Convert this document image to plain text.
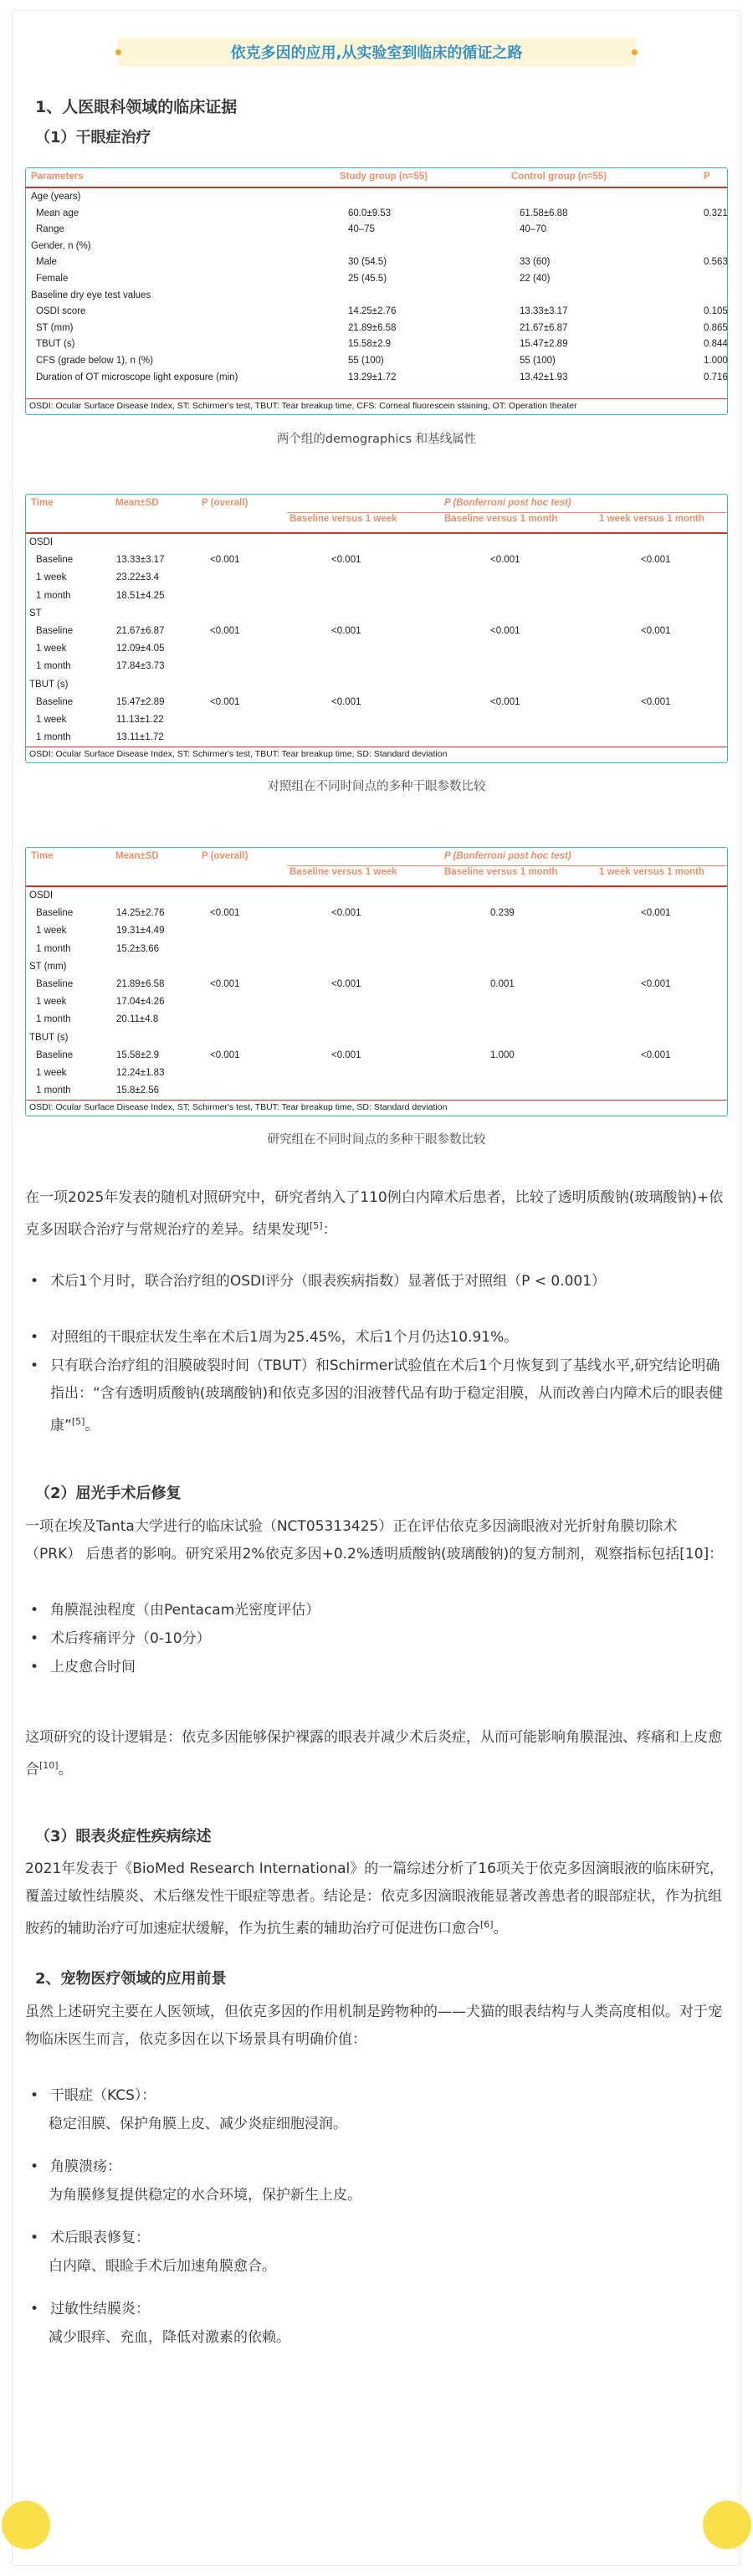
依克多因的应用,从实验室到临床的循证之路
1、人医眼科领域的临床证据
（1）干眼症治疗
Parameters	Study group (n=55)	Control group (n=55)	P
Age (years)
Mean age	60.0±9.53	61.58±6.88	0.321
Range	40–75	40–70
Gender, n (%)
Male	30 (54.5)	33 (60)	0.563
Female	25 (45.5)	22 (40)
Baseline dry eye test values
OSDI score	14.25±2.76	13.33±3.17	0.105
ST (mm)	21.89±6.58	21.67±6.87	0.865
TBUT (s)	15.58±2.9	15.47±2.89	0.844
CFS (grade below 1), n (%)	55 (100)	55 (100)	1.000
Duration of OT microscope light exposure (min)	13.29±1.72	13.42±1.93	0.716
OSDI: Ocular Surface Disease Index, ST: Schirmer's test, TBUT: Tear breakup time, CFS: Corneal fluorescein staining, OT: Operation theater
两个组的demographics 和基线属性
Time	Mean±SD	P (overall)	P (Bonferroni post hoc test)
Baseline versus 1 week	Baseline versus 1 month	1 week versus 1 month
OSDI
Baseline	13.33±3.17	<0.001	<0.001	<0.001	<0.001
1 week	23.22±3.4
1 month	18.51±4.25
ST
Baseline	21.67±6.87	<0.001	<0.001	<0.001	<0.001
1 week	12.09±4.05
1 month	17.84±3.73
TBUT (s)
Baseline	15.47±2.89	<0.001	<0.001	<0.001	<0.001
1 week	11.13±1.22
1 month	13.11±1.72
OSDI: Ocular Surface Disease Index, ST: Schirmer's test, TBUT: Tear breakup time, SD: Standard deviation
对照组在不同时间点的多种干眼参数比较
Time	Mean±SD	P (overall)	P (Bonferroni post hoc test)
Baseline versus 1 week	Baseline versus 1 month	1 week versus 1 month
OSDI
Baseline	14.25±2.76	<0.001	<0.001	0.239	<0.001
1 week	19.31±4.49
1 month	15.2±3.66
ST (mm)
Baseline	21.89±6.58	<0.001	<0.001	0.001	<0.001
1 week	17.04±4.26
1 month	20.11±4.8
TBUT (s)
Baseline	15.58±2.9	<0.001	<0.001	1.000	<0.001
1 week	12.24±1.83
1 month	15.8±2.56
OSDI: Ocular Surface Disease Index, ST: Schirmer's test, TBUT: Tear breakup time, SD: Standard deviation
研究组在不同时间点的多种干眼参数比较
在一项2025年发表的随机对照研究中，研究者纳入了110例白内障术后患者，比较了透明质酸钠(玻璃酸钠)+依克多因联合治疗与常规治疗的差异。结果发现[5]：
• 术后1个月时，联合治疗组的OSDI评分（眼表疾病指数）显著低于对照组（P < 0.001）
• 对照组的干眼症状发生率在术后1周为25.45%，术后1个月仍达10.91%。
• 只有联合治疗组的泪膜破裂时间（TBUT）和Schirmer试验值在术后1个月恢复到了基线水平,研究结论明确指出：“含有透明质酸钠(玻璃酸钠)和依克多因的泪液替代品有助于稳定泪膜，从而改善白内障术后的眼表健康”[5]。
（2）屈光手术后修复
一项在埃及Tanta大学进行的临床试验（NCT05313425）正在评估依克多因滴眼液对光折射角膜切除术（PRK） 后患者的影响。研究采用2%依克多因+0.2%透明质酸钠(玻璃酸钠)的复方制剂，观察指标包括[10]：
• 角膜混浊程度（由Pentacam光密度评估）
• 术后疼痛评分（0-10分）
• 上皮愈合时间
这项研究的设计逻辑是：依克多因能够保护裸露的眼表并减少术后炎症，从而可能影响角膜混浊、疼痛和上皮愈合[10]。
（3）眼表炎症性疾病综述
2021年发表于《BioMed Research International》的一篇综述分析了16项关于依克多因滴眼液的临床研究，覆盖过敏性结膜炎、术后继发性干眼症等患者。结论是：依克多因滴眼液能显著改善患者的眼部症状，作为抗组胺药的辅助治疗可加速症状缓解，作为抗生素的辅助治疗可促进伤口愈合[6]。
2、宠物医疗领域的应用前景
虽然上述研究主要在人医领域，但依克多因的作用机制是跨物种的——犬猫的眼表结构与人类高度相似。对于宠物临床医生而言，依克多因在以下场景具有明确价值：
• 干眼症（KCS）：
稳定泪膜、保护角膜上皮、减少炎症细胞浸润。
• 角膜溃疡：
为角膜修复提供稳定的水合环境，保护新生上皮。
• 术后眼表修复：
白内障、眼睑手术后加速角膜愈合。
• 过敏性结膜炎：
减少眼痒、充血，降低对激素的依赖。
